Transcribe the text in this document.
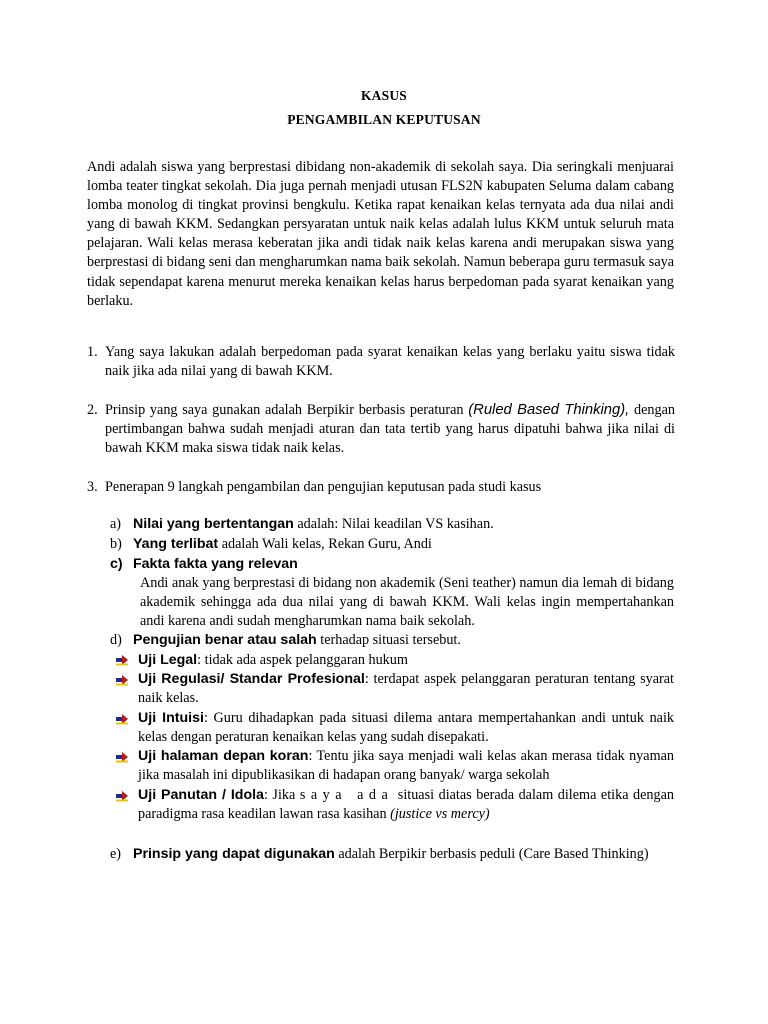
KASUS
PENGAMBILAN KEPUTUSAN
Andi adalah siswa yang berprestasi dibidang non-akademik di sekolah saya. Dia seringkali menjuarai lomba teater tingkat sekolah. Dia juga pernah menjadi utusan FLS2N kabupaten Seluma dalam cabang lomba monolog di tingkat provinsi bengkulu. Ketika rapat kenaikan kelas ternyata ada dua nilai andi yang di bawah KKM. Sedangkan persyaratan untuk naik kelas adalah lulus KKM untuk seluruh mata pelajaran. Wali kelas merasa keberatan jika andi tidak naik kelas karena andi merupakan siswa yang berprestasi di bidang seni dan mengharumkan nama baik sekolah. Namun beberapa guru termasuk saya tidak sependapat karena menurut mereka kenaikan kelas harus berpedoman pada syarat kenaikan yang berlaku.
1. Yang saya lakukan adalah berpedoman pada syarat kenaikan kelas yang berlaku yaitu siswa tidak naik jika ada nilai yang di bawah KKM.
2. Prinsip yang saya gunakan adalah Berpikir berbasis peraturan (Ruled Based Thinking), dengan pertimbangan bahwa sudah menjadi aturan dan tata tertib yang harus dipatuhi bahwa jika nilai di bawah KKM maka siswa tidak naik kelas.
3. Penerapan 9 langkah pengambilan dan pengujian keputusan pada studi kasus
a) Nilai yang bertentangan adalah: Nilai keadilan VS kasihan.
b) Yang terlibat adalah Wali kelas, Rekan Guru, Andi
c) Fakta fakta yang relevan
Andi anak yang berprestasi di bidang non akademik (Seni teather) namun dia lemah di bidang akademik sehingga ada dua nilai yang di bawah KKM. Wali kelas ingin mempertahankan andi karena andi sudah mengharumkan nama baik sekolah.
d) Pengujian benar atau salah terhadap situasi tersebut.
Uji Legal: tidak ada aspek pelanggaran hukum
Uji Regulasi/ Standar Profesional: terdapat aspek pelanggaran peraturan tentang syarat naik kelas.
Uji Intuisi: Guru dihadapkan pada situasi dilema antara mempertahankan andi untuk naik kelas dengan peraturan kenaikan kelas yang sudah disepakati.
Uji halaman depan koran: Tentu jika saya menjadi wali kelas akan merasa tidak nyaman jika masalah ini dipublikasikan di hadapan orang banyak/ warga sekolah
Uji Panutan / Idola: Jika saya ada situasi diatas berada dalam dilema etika dengan paradigma rasa keadilan lawan rasa kasihan (justice vs mercy)
e) Prinsip yang dapat digunakan adalah Berpikir berbasis peduli (Care Based Thinking)
